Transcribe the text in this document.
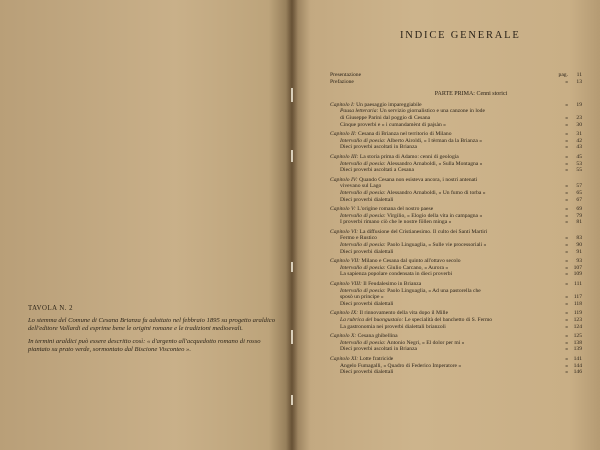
TAVOLA N. 2

Lo stemma del Comune di Cesana Brianza fu adottato nel febbraio 1895 su progetto araldico dell'editore Vallardi ed esprime bene le origini romane e le tradizioni medioevali.

In termini araldici può essere descritto così: « d'argento all'acquedotto romano di rosso piantato su prato verde, sormontato dal Biscione Visconteo ».

INDICE GENERALE
Presentazione	pag.	11
Prefazione	»	13
PARTE PRIMA: Cenni storici
Capitolo I: Un paesaggio impareggiabile	»	19
Pausa letteraria: Un servizio giornalistico e una canzone in lode
di Giuseppe Parini dal poggio di Cesana	»	23
Cinque proverbi e « i cumandamènt di pajsàn »	»	30
Capitolo II: Cesana di Brianza nel territorio di Milano	»	31
Intervallo di poesia: Alberto Airoldi, « I tèrman da la Brianza »	»	42
Dieci proverbi ascoltati in Brianza	»	43
Capitolo III: La storia prima di Adamo: cenni di geologia	»	45
Intervallo di poesia: Alessandro Arnaboldi, « Sulla Montagna »	»	53
Dieci proverbi ascoltati a Cesana	»	55
Capitolo IV: Quando Cesana non esisteva ancora, i nostri antenati
vivevano sul Lago	»	57
Intervallo di poesia: Alessandro Arnaboldi, « Un fumo di torba »	»	65
Dieci proverbi dialettali	»	67
Capitolo V: L'origine romana del nostro paese	»	69
Intervallo di poesia: Virgilio, « Elogio della vita in campagna »	»	79
I proverbi rimano ciò che le nostre föllen minga »	»	81
Capitolo VI: La diffusione del Cristianesimo. Il culto dei Santi Martiri
Fermo e Rustico	»	83
Intervallo di poesia: Paolo Linguaglia, « Sulle vie processoriali »	»	90
Dieci proverbi dialettali	»	91
Capitolo VII: Milano e Cesana dal quinto all'ottavo secolo	»	93
Intervallo di poesia: Giulio Carcano, « Aurora »	»	107
La sapienza popolare condensata in dieci proverbi	»	109
Capitolo VIII: Il Feudalesimo in Brianza	»	111
Intervallo di poesia: Paolo Linguaglia, « Ad una pastorella che
sposò un principe »	»	117
Dieci proverbi dialettali	»	118
Capitolo IX: Il rinnovamento della vita dopo il Mille	»	119
La rubrica del buongustaio: Le specialità del banchetto di S. Fermo	»	123
La gastronomia nei proverbi dialettali brianzoli	»	124
Capitolo X: Cesana ghibellina	»	125
Intervallo di poesia: Antonio Negri, « El dolor per mi »	»	138
Dieci proverbi ascoltati in Brianza	»	139
Capitolo XI: Lotte fratricide	»	141
Angelo Fumagalli, « Quadro di Federico Imperatore »	»	144
Dieci proverbi dialettali	»	146
